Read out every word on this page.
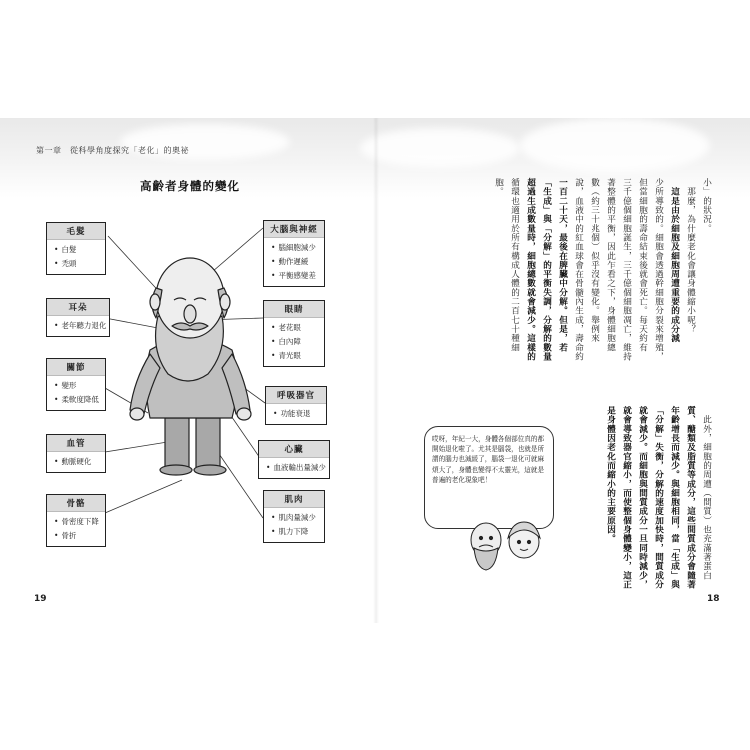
第一章　從科學角度探究「老化」的奧祕
高齡者身體的變化
毛髮
• 白髮
• 禿頭
耳朵
• 老年聽力退化
關節
• 變形
• 柔軟度降低
血管
• 動脈硬化
骨骼
• 骨密度下降
• 骨折
大腦與神經
• 腦細胞減少
• 動作遲緩
• 平衡感變差
眼睛
• 老花眼
• 白內障
• 青光眼
呼吸器官
• 功能衰退
心臟
• 血液輸出量減少
肌肉
• 肌肉量減少
• 肌力下降
小」的狀況。
　那麼，為什麼老化會讓身體縮小呢？
　這是由於細胞及細胞周遭重要的成分減
少所導致的。細胞會透過幹細胞分裂來增殖，
但當細胞的壽命結束後就會死亡。每天約有
三千億個細胞誕生，三千億個細胞凋亡，維持
著整體的平衡，因此乍看之下，身體細胞總
數（約三十兆個）似乎沒有變化。舉例來
說，血液中的紅血球會在骨髓內生成，壽命約
一百二十天，最後在脾臟中分解。但是，若
「生成」與「分解」的平衡失調，分解的數量
超過生成數量時，細胞總數就會減少。這樣的
循環也適用於所有構成人體的二百七十種細
胞。
　此外，細胞的周遭（間質）也充滿著蛋白
質、醣類及脂質等成分，這些間質成分會隨著
年齡增長而減少。與細胞相同，當「生成」與
「分解」失衡，分解的速度加快時，間質成分
就會減少。而細胞與間質成分一旦同時減少，
就會導致器官縮小，而使整個身體變小，這正
是身體因老化而縮小的主要原因。
哎呀，年紀一大，身體各個部位真的都開始退化啦了。尤其是腦袋，也就是所謂的腦力也減緩了，腦袋一退化可就麻煩大了，身體也變得不太靈光，這就是普遍的老化現象吧！
19	18
